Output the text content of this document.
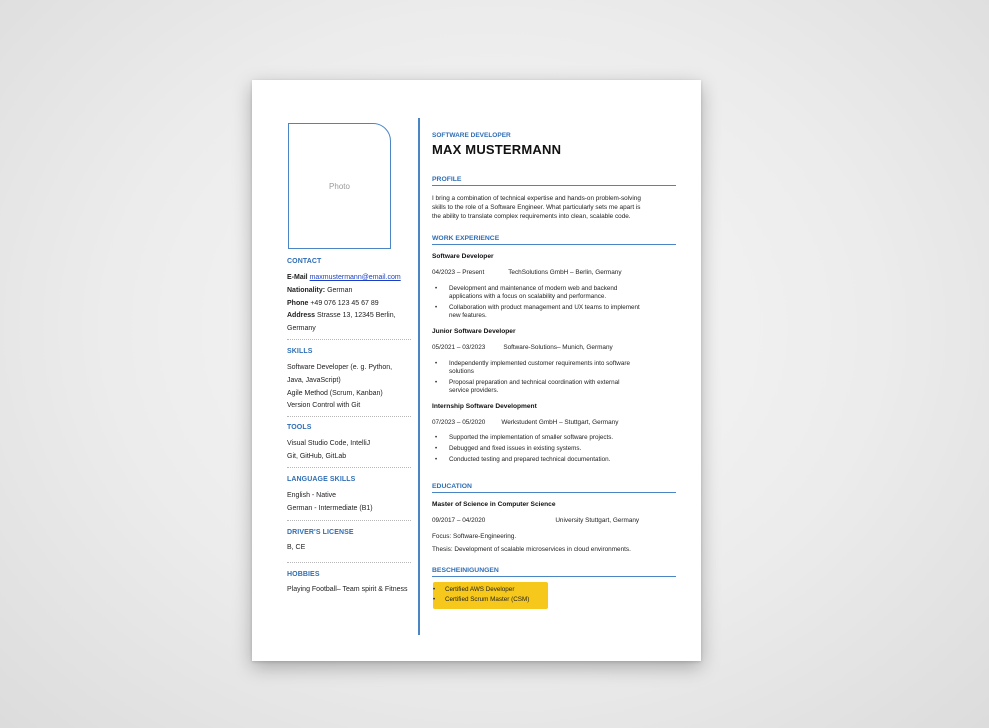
Photo
CONTACT
E-Mail maxmustermann@email.com
Nationality: German
Phone +49 076 123 45 67 89
Address Strasse 13, 12345 Berlin,
Germany
SKILLS
Software Developer (e. g. Python,
Java, JavaScript)
Agile Method (Scrum, Kanban)
Version Control with Git
TOOLS
Visual Studio Code, IntelliJ
Git, GitHub, GitLab
LANGUAGE SKILLS
English - Native
German - Intermediate (B1)
DRIVER'S LICENSE
B, CE
HOBBIES
Playing Football– Team spirit & Fitness
SOFTWARE DEVELOPER
MAX MUSTERMANN
PROFILE
I bring a combination of technical expertise and hands-on problem-solving
skills to the role of a Software Engineer. What particularly sets me apart is
the ability to translate complex requirements into clean, scalable code.
WORK EXPERIENCE
Software Developer
04/2023 – Present	TechSolutions GmbH – Berlin, Germany
• Development and maintenance of modern web and backend
applications with a focus on scalability and performance.
• Collaboration with product management and UX teams to implement
new features.
Junior Software Developer
05/2021 – 03/2023	Software-Solutions– Munich, Germany
• Independently implemented customer requirements into software
solutions
• Proposal preparation and technical coordination with external
service providers.
Internship Software Development
07/2023 – 05/2020	Werkstudent GmbH – Stuttgart, Germany
• Supported the implementation of smaller software projects.
• Debugged and fixed issues in existing systems.
• Conducted testing and prepared technical documentation.
EDUCATION
Master of Science in Computer Science
09/2017 – 04/2020	University Stuttgart, Germany
Focus: Software-Engineering.
Thesis: Development of scalable microservices in cloud environments.
BESCHEINIGUNGEN
• Certified AWS Developer
• Certified Scrum Master (CSM)
